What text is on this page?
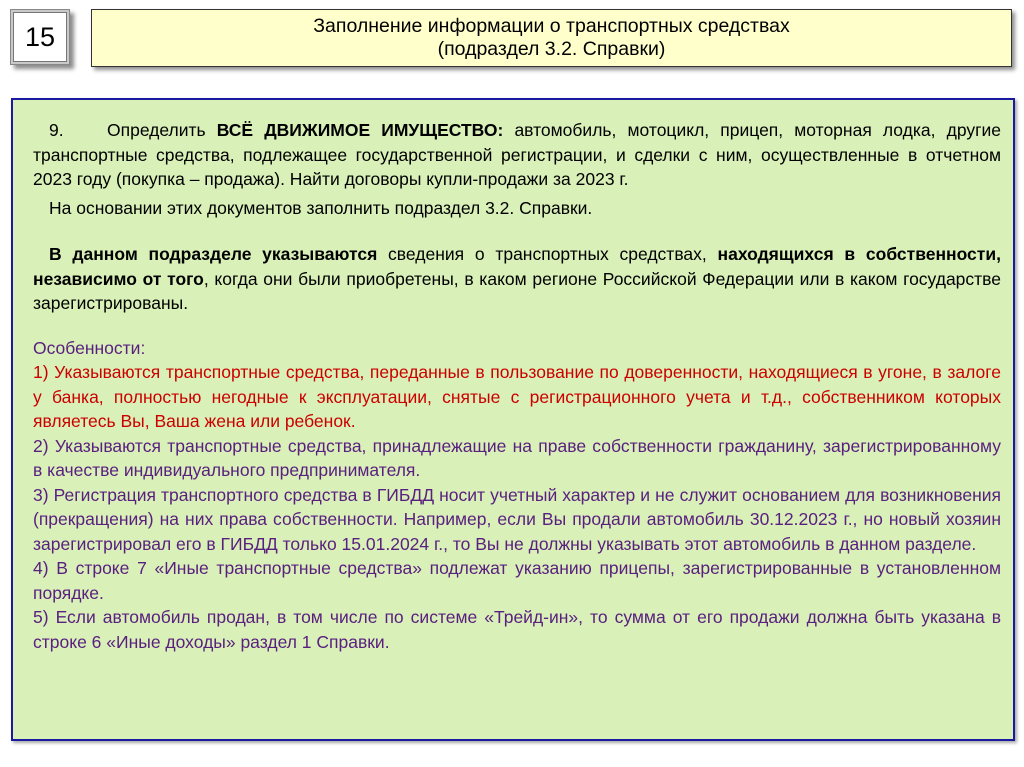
15	Заполнение информации о транспортных средствах
(подраздел 3.2. Справки)

9. Определить ВСЁ ДВИЖИМОЕ ИМУЩЕСТВО: автомобиль, мотоцикл, прицеп, моторная лодка, другие транспортные средства, подлежащее государственной регистрации, и сделки с ним, осуществленные в отчетном 2023 году (покупка – продажа). Найти договоры купли-продажи за 2023 г.

На основании этих документов заполнить подраздел 3.2. Справки.

В данном подразделе указываются сведения о транспортных средствах, находящихся в собственности, независимо от того, когда они были приобретены, в каком регионе Российской Федерации или в каком государстве зарегистрированы.

Особенности:

1) Указываются транспортные средства, переданные в пользование по доверенности, находящиеся в угоне, в залоге у банка, полностью негодные к эксплуатации, снятые с регистрационного учета и т.д., собственником которых являетесь Вы, Ваша жена или ребенок.

2) Указываются транспортные средства, принадлежащие на праве собственности гражданину, зарегистрированному в качестве индивидуального предпринимателя.

3) Регистрация транспортного средства в ГИБДД носит учетный характер и не служит основанием для возникновения (прекращения) на них права собственности. Например, если Вы продали автомобиль 30.12.2023 г., но новый хозяин зарегистрировал его в ГИБДД только 15.01.2024 г., то Вы не должны указывать этот автомобиль в данном разделе.

4) В строке 7 «Иные транспортные средства» подлежат указанию прицепы, зарегистрированные в установленном порядке.

5) Если автомобиль продан, в том числе по системе «Трейд-ин», то сумма от его продажи должна быть указана в строке 6 «Иные доходы» раздел 1 Справки.
